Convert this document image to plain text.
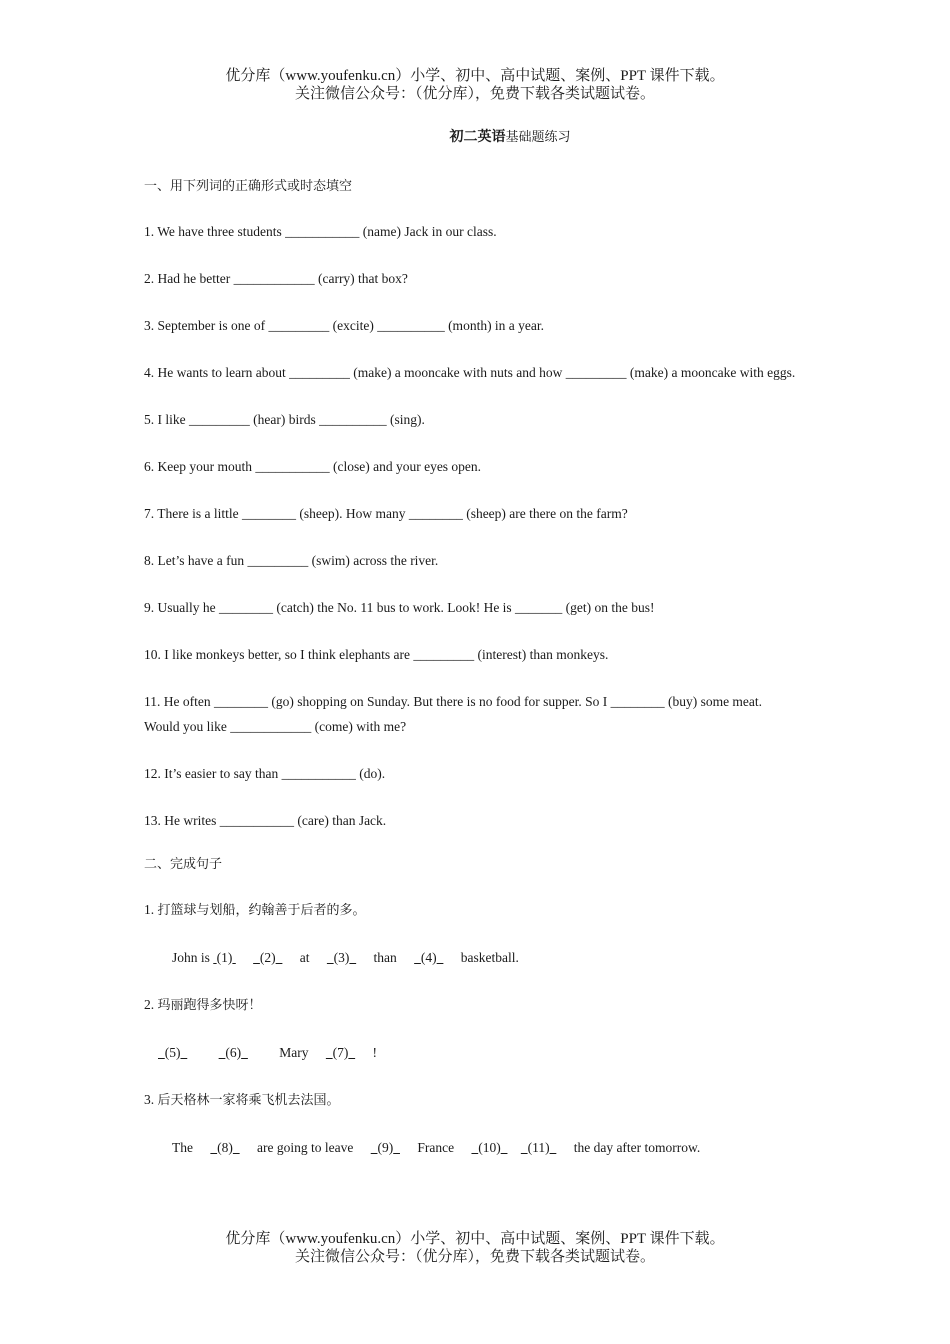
优分库（www.youfenku.cn）小学、初中、高中试题、案例、PPT 课件下载。
关注微信公众号：（优分库），免费下载各类试题试卷。
初二英语基础题练习
一、用下列词的正确形式或时态填空
1. We have three students ___________ (name) Jack in our class.
2. Had he better ____________ (carry) that box?
3. September is one of _________ (excite) __________ (month) in a year.
4. He wants to learn about _________ (make) a mooncake with nuts and how _________ (make) a mooncake with eggs.
5. I like _________ (hear) birds __________ (sing).
6. Keep your mouth ___________ (close) and your eyes open.
7. There is a little ________ (sheep). How many ________ (sheep) are there on the farm?
8. Let’s have a fun _________ (swim) across the river.
9. Usually he ________ (catch) the No. 11 bus to work. Look! He is _______ (get) on the bus!
10. I like monkeys better, so I think elephants are _________ (interest) than monkeys.
11. He often ________ (go) shopping on Sunday. But there is no food for supper. So I ________ (buy) some meat. Would you like ____________ (come) with me?
12. It’s easier to say than ___________ (do).
13. He writes ___________ (care) than Jack.
二、完成句子
1. 打篮球与划船，约翰善于后者的多。
John is (1) (2) at (3) than (4) basketball.
2. 玛丽跑得多快呀！
(5)	(6)	Mary (7) !
3. 后天格林一家将乘飞机去法国。
The (8) are going to leave (9) France (10) (11) the day after tomorrow.
优分库（www.youfenku.cn）小学、初中、高中试题、案例、PPT 课件下载。
关注微信公众号：（优分库），免费下载各类试题试卷。
